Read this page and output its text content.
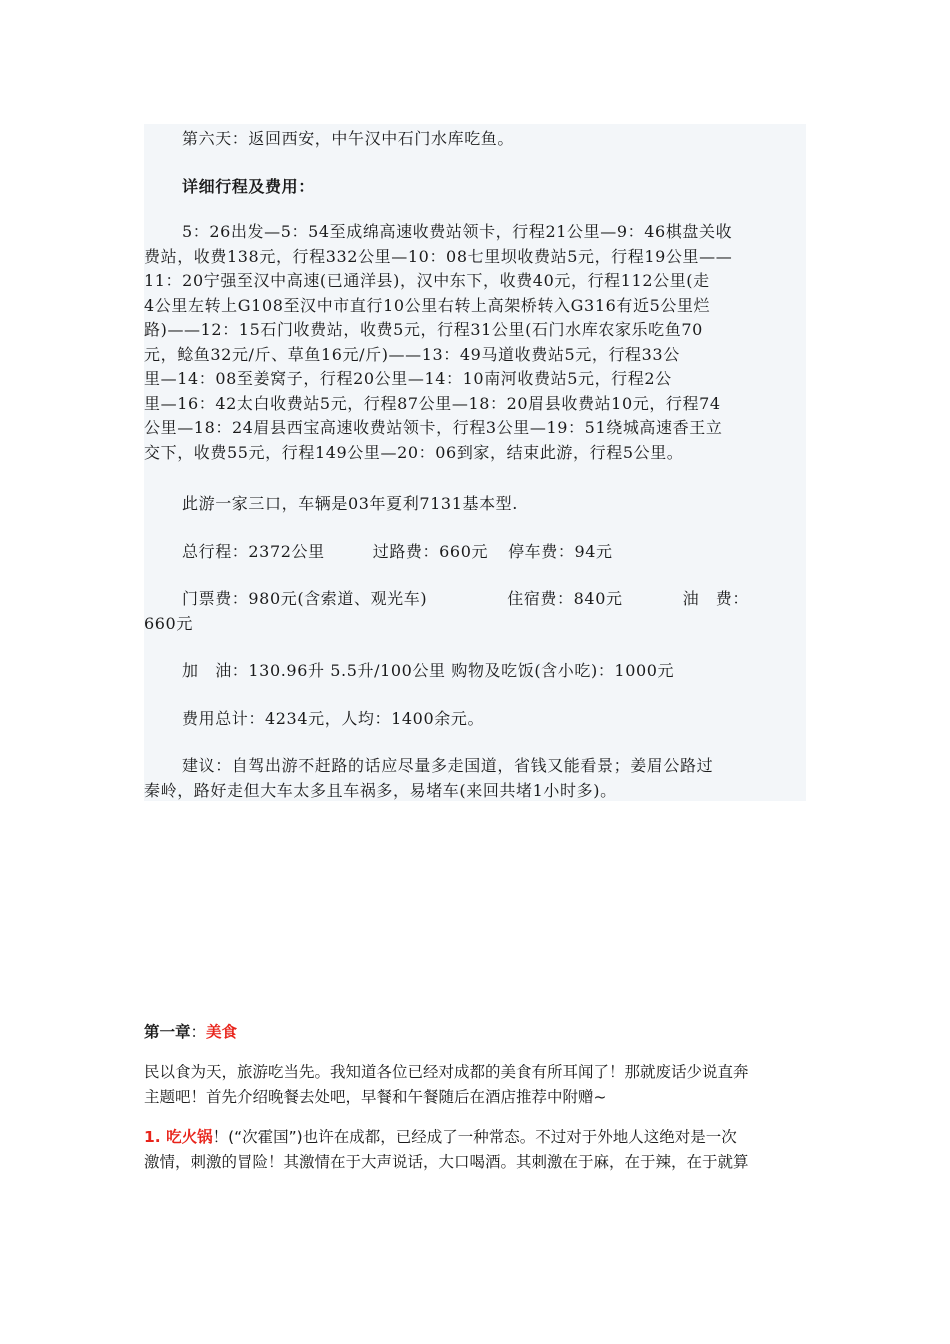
第六天：返回西安，中午汉中石门水库吃鱼。

详细行程及费用：

5：26出发—5：54至成绵高速收费站领卡，行程21公里—9：46棋盘关收

费站，收费138元，行程332公里—10：08七里坝收费站5元，行程19公里——

11：20宁强至汉中高速(已通洋县)，汉中东下，收费40元，行程112公里(走

4公里左转上G108至汉中市直行10公里右转上高架桥转入G316有近5公里烂

路)——12：15石门收费站，收费5元，行程31公里(石门水库农家乐吃鱼70

元，鲶鱼32元/斤、草鱼16元/斤)——13：49马道收费站5元，行程33公

里—14：08至姜窝子，行程20公里—14：10南河收费站5元，行程2公

里—16：42太白收费站5元，行程87公里—18：20眉县收费站10元，行程74

公里—18：24眉县西宝高速收费站领卡，行程3公里—19：51绕城高速香王立

交下，收费55元，行程149公里—20：06到家，结束此游，行程5公里。

此游一家三口，车辆是03年夏利7131基本型.

总行程：2372公里	过路费：660元 停车费：94元

门票费：980元(含索道、观光车)	住宿费：840元	油　费：

660元

加　油：130.96升 5.5升/100公里 购物及吃饭(含小吃)：1000元

费用总计：4234元，人均：1400余元。

建议：自驾出游不赶路的话应尽量多走国道，省钱又能看景；姜眉公路过

秦岭，路好走但大车太多且车祸多，易堵车(来回共堵1小时多)。

第一章：美食

民以食为天，旅游吃当先。我知道各位已经对成都的美食有所耳闻了！那就废话少说直奔

主题吧！首先介绍晚餐去处吧，早餐和午餐随后在酒店推荐中附赠~

1. 吃火锅！(“次霍国”)也许在成都，已经成了一种常态。不过对于外地人这绝对是一次

激情，刺激的冒险！其激情在于大声说话，大口喝酒。其刺激在于麻，在于辣，在于就算
